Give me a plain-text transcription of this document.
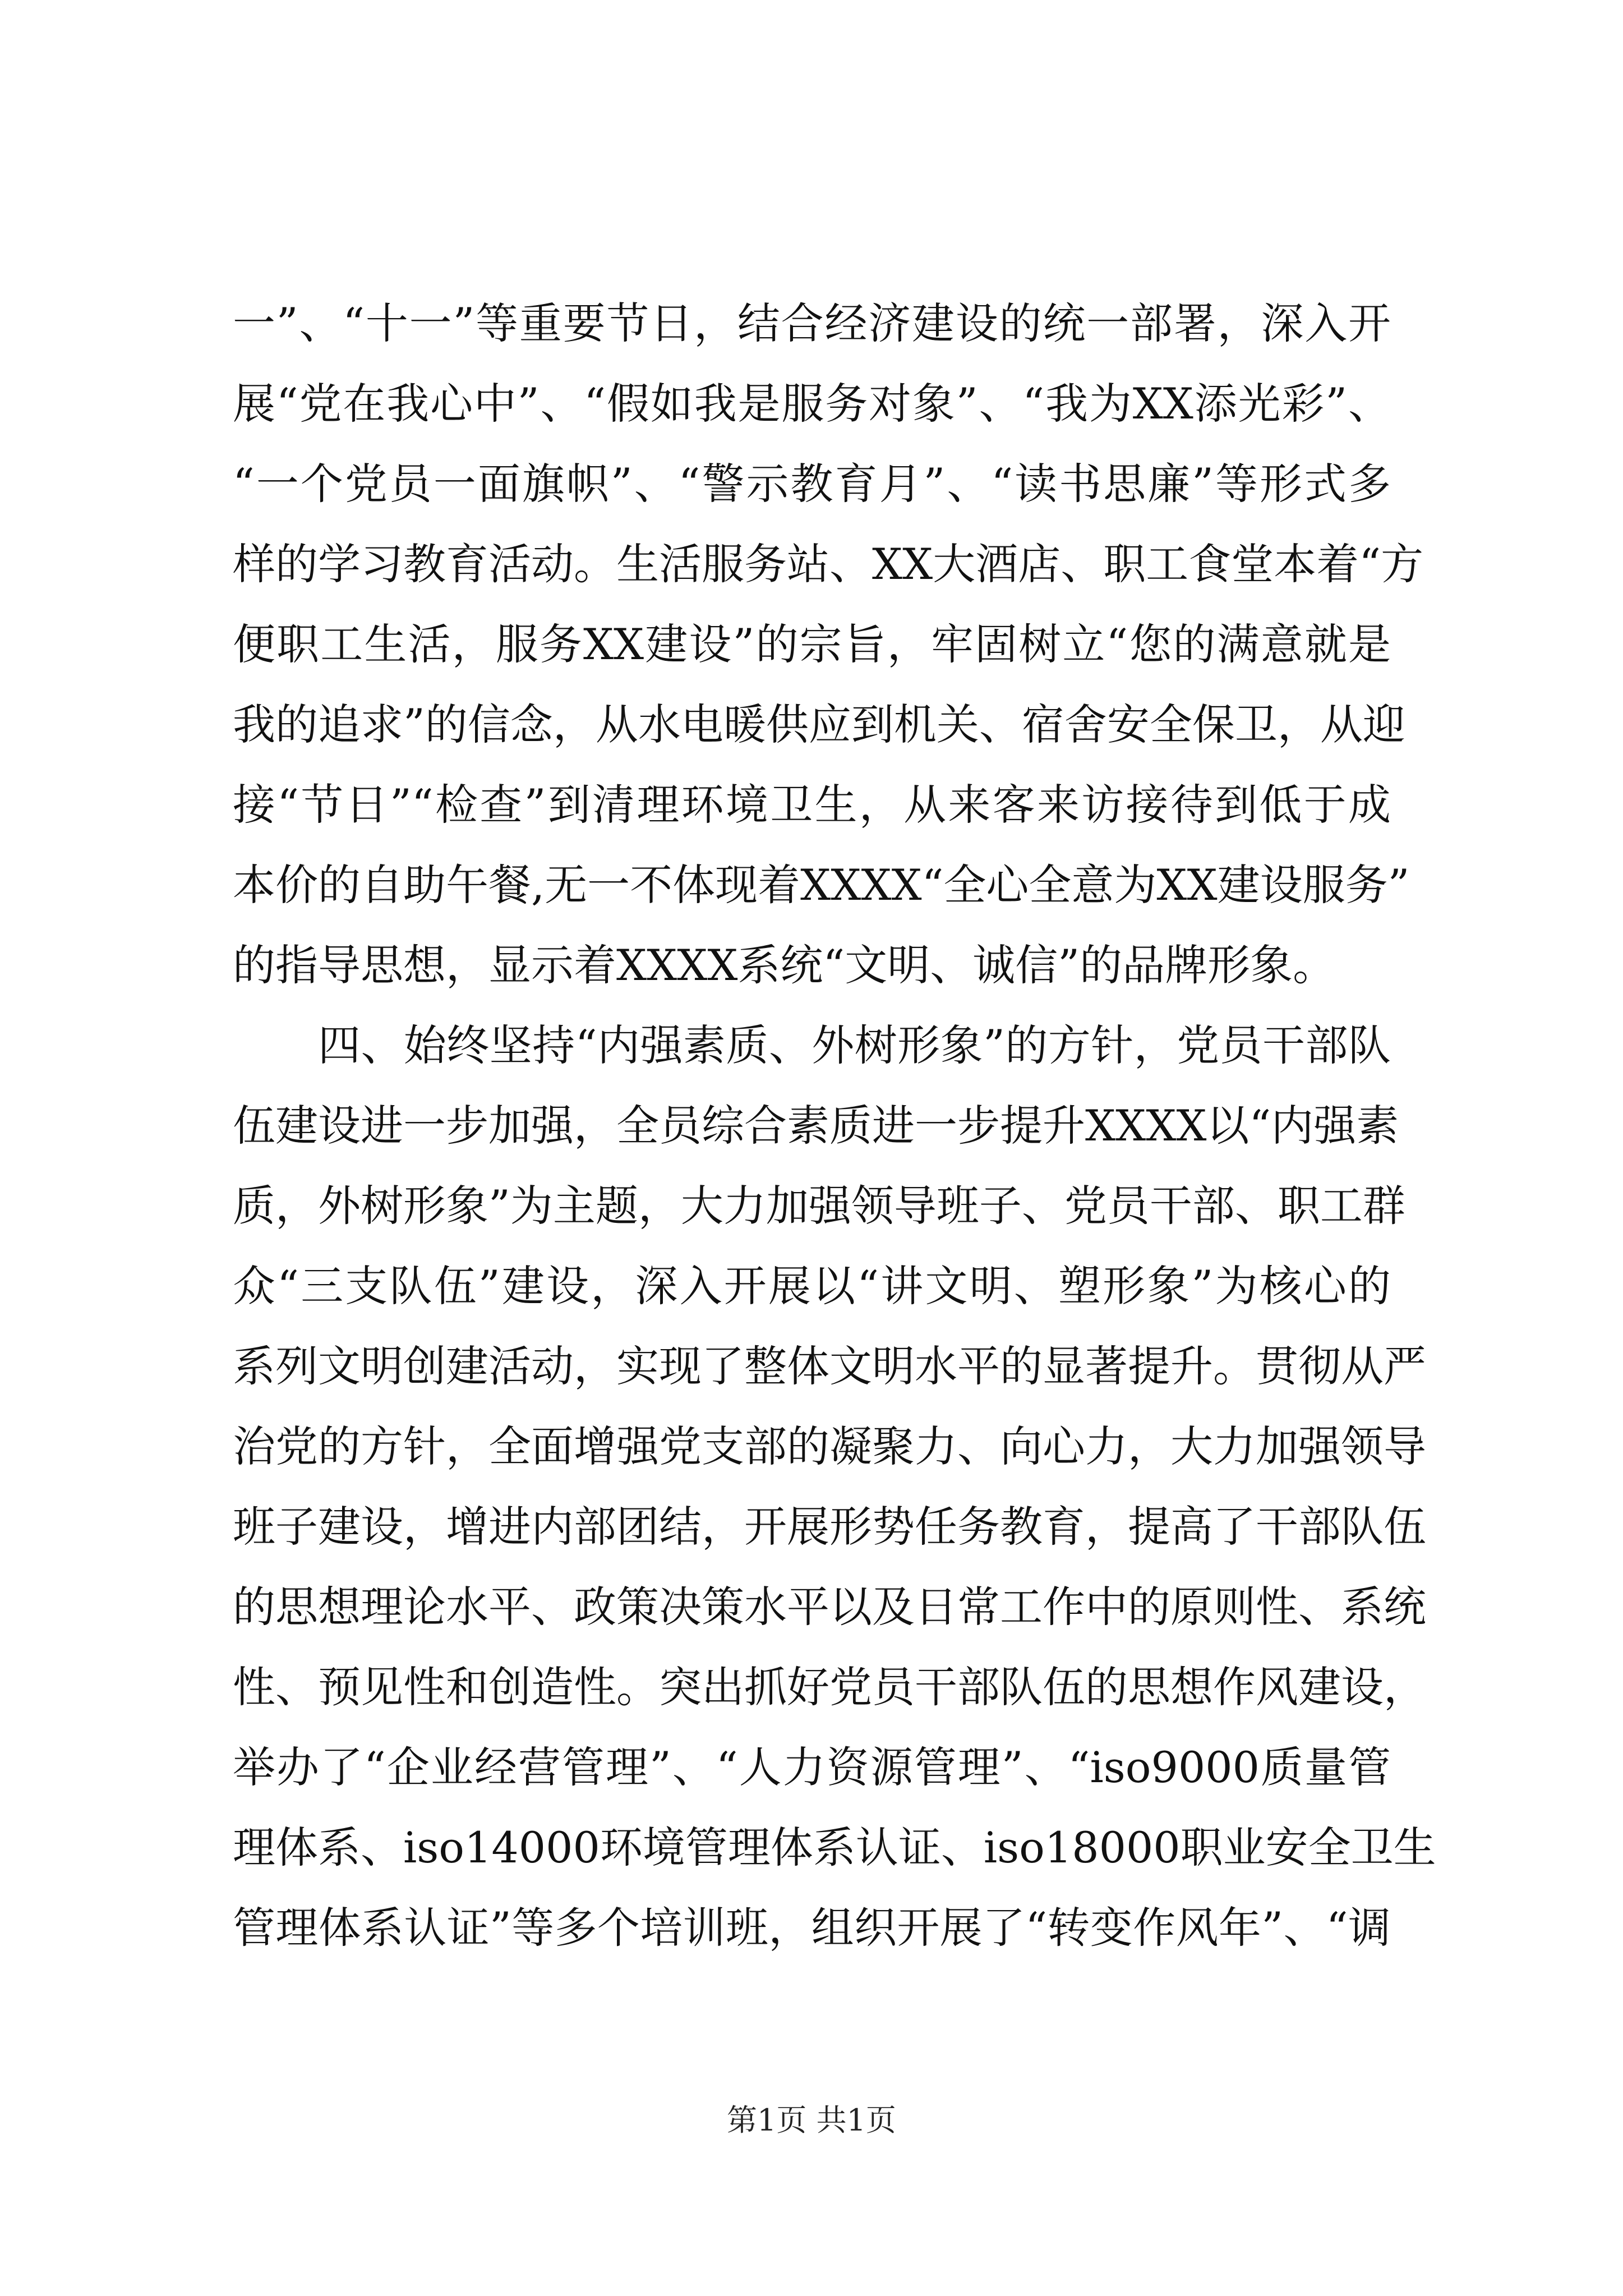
一”、“十一”等重要节日，结合经济建设的统一部署，深入开
展“党在我心中”、“假如我是服务对象”、“我为XX添光彩”、
“一个党员一面旗帜”、“警示教育月”、“读书思廉”等形式多
样的学习教育活动。生活服务站、XX大酒店、职工食堂本着“方
便职工生活，服务XX建设”的宗旨，牢固树立“您的满意就是
我的追求”的信念，从水电暖供应到机关、宿舍安全保卫，从迎
接“节日”“检查”到清理环境卫生，从来客来访接待到低于成
本价的自助午餐,无一不体现着XXXX“全心全意为XX建设服务”
的指导思想，显示着XXXX系统“文明、诚信”的品牌形象。
四、始终坚持“内强素质、外树形象”的方针，党员干部队
伍建设进一步加强，全员综合素质进一步提升XXXX以“内强素
质，外树形象”为主题，大力加强领导班子、党员干部、职工群
众“三支队伍”建设，深入开展以“讲文明、塑形象”为核心的
系列文明创建活动，实现了整体文明水平的显著提升。贯彻从严
治党的方针，全面增强党支部的凝聚力、向心力，大力加强领导
班子建设，增进内部团结，开展形势任务教育，提高了干部队伍
的思想理论水平、政策决策水平以及日常工作中的原则性、系统
性、预见性和创造性。突出抓好党员干部队伍的思想作风建设，
举办了“企业经营管理”、“人力资源管理”、“iso9000质量管
理体系、iso14000环境管理体系认证、iso18000职业安全卫生
管理体系认证”等多个培训班，组织开展了“转变作风年”、“调
第1页 共1页
